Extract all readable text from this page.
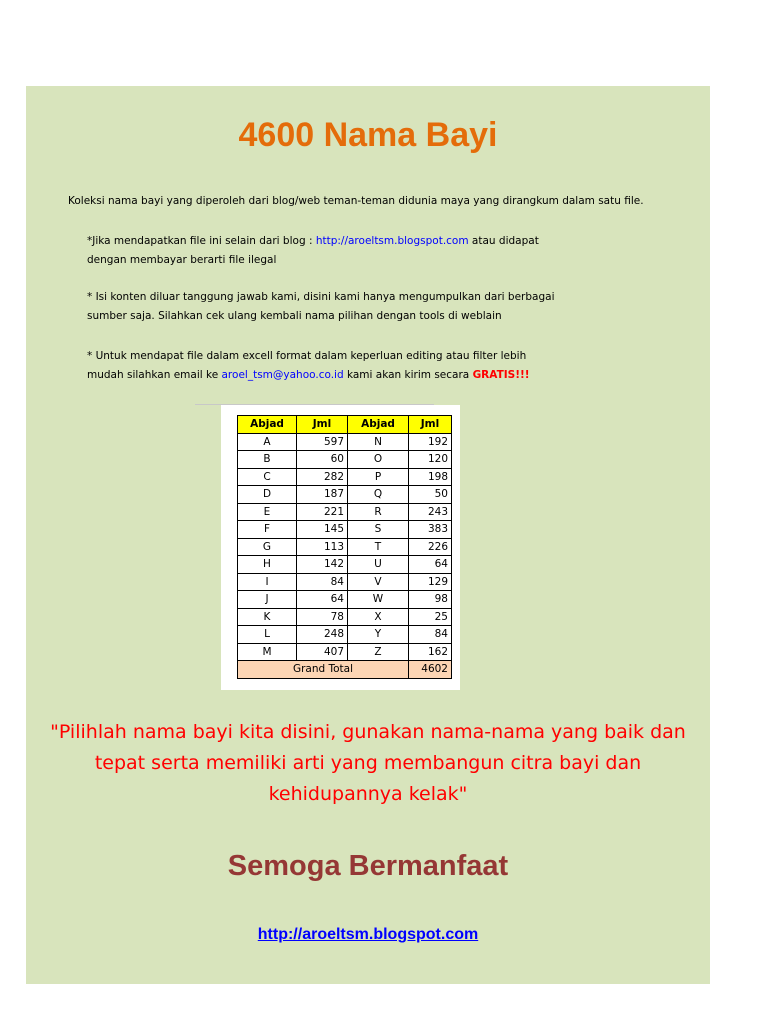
4600 Nama Bayi
Koleksi nama bayi yang diperoleh dari blog/web teman-teman didunia maya yang dirangkum dalam satu file.
*Jika mendapatkan file ini selain dari blog : http://aroeltsm.blogspot.com atau didapat
dengan membayar berarti file ilegal
* Isi konten diluar tanggung jawab kami, disini kami hanya mengumpulkan dari berbagai
sumber saja. Silahkan cek ulang kembali nama pilihan dengan tools di weblain
* Untuk mendapat file dalam excell format dalam keperluan editing atau filter lebih
mudah silahkan email ke aroel_tsm@yahoo.co.id kami akan kirim secara GRATIS!!!
Abjad	Jml	Abjad	Jml
A	597	N	192
B	60	O	120
C	282	P	198
D	187	Q	50
E	221	R	243
F	145	S	383
G	113	T	226
H	142	U	64
I	84	V	129
J	64	W	98
K	78	X	25
L	248	Y	84
M	407	Z	162
Grand Total			4602
"Pilihlah nama bayi kita disini, gunakan nama-nama yang baik dan
tepat serta memiliki arti yang membangun citra bayi dan
kehidupannya kelak"
Semoga Bermanfaat
http://aroeltsm.blogspot.com
